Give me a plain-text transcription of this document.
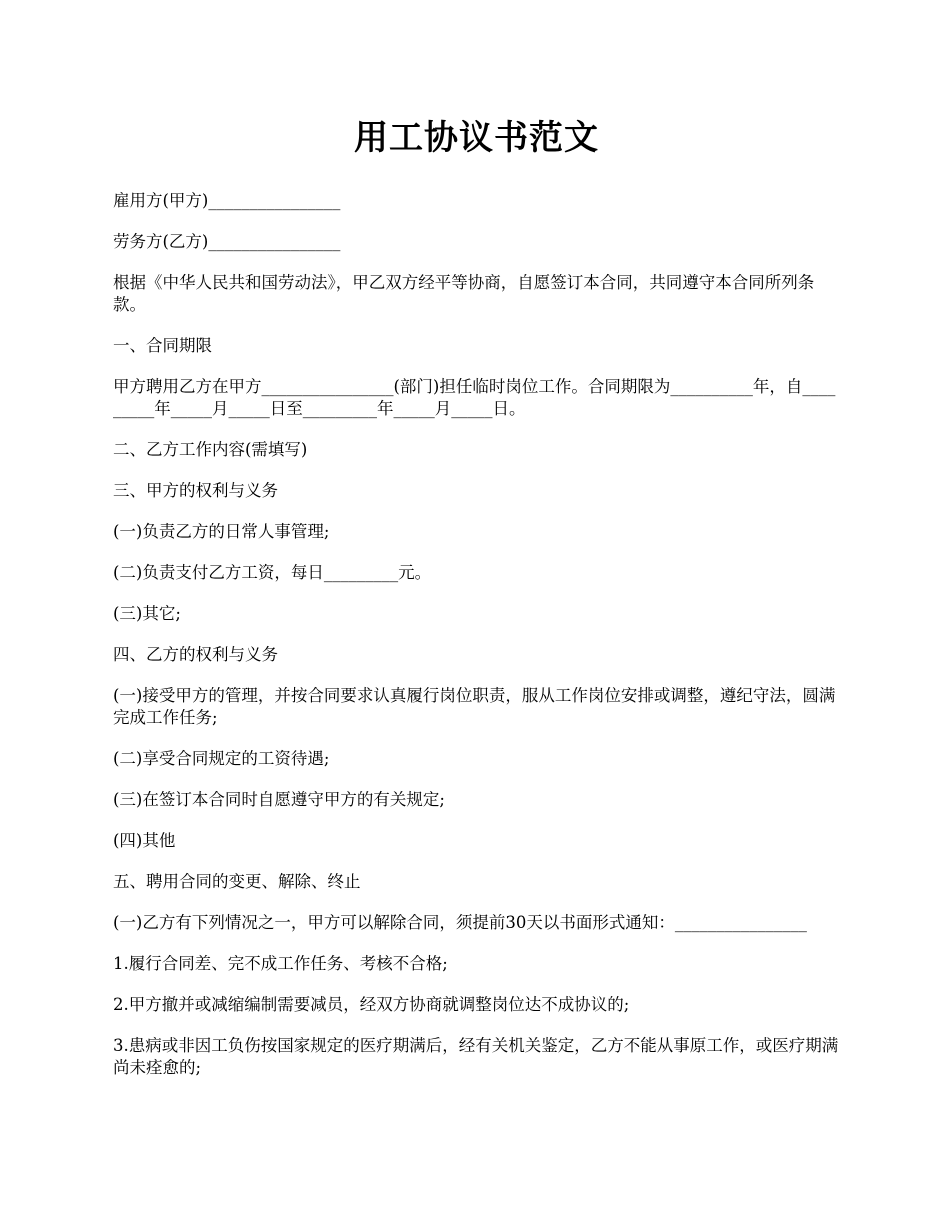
用工协议书范文

雇用方(甲方)________________

劳务方(乙方)________________

根据《中华人民共和国劳动法》，甲乙双方经平等协商，自愿签订本合同，共同遵守本合同所列条款。

一、合同期限

甲方聘用乙方在甲方________________(部门)担任临时岗位工作。合同期限为__________年，自_________年_____月_____日至_________年_____月_____日。

二、乙方工作内容(需填写)

三、甲方的权利与义务

(一)负责乙方的日常人事管理;

(二)负责支付乙方工资，每日_________元。

(三)其它;

四、乙方的权利与义务

(一)接受甲方的管理，并按合同要求认真履行岗位职责，服从工作岗位安排或调整，遵纪守法，圆满完成工作任务;

(二)享受合同规定的工资待遇;

(三)在签订本合同时自愿遵守甲方的有关规定;

(四)其他

五、聘用合同的变更、解除、终止

(一)乙方有下列情况之一，甲方可以解除合同，须提前30天以书面形式通知：________________

1.履行合同差、完不成工作任务、考核不合格;

2.甲方撤并或减缩编制需要减员，经双方协商就调整岗位达不成协议的;

3.患病或非因工负伤按国家规定的医疗期满后，经有关机关鉴定，乙方不能从事原工作，或医疗期满尚未痊愈的;
